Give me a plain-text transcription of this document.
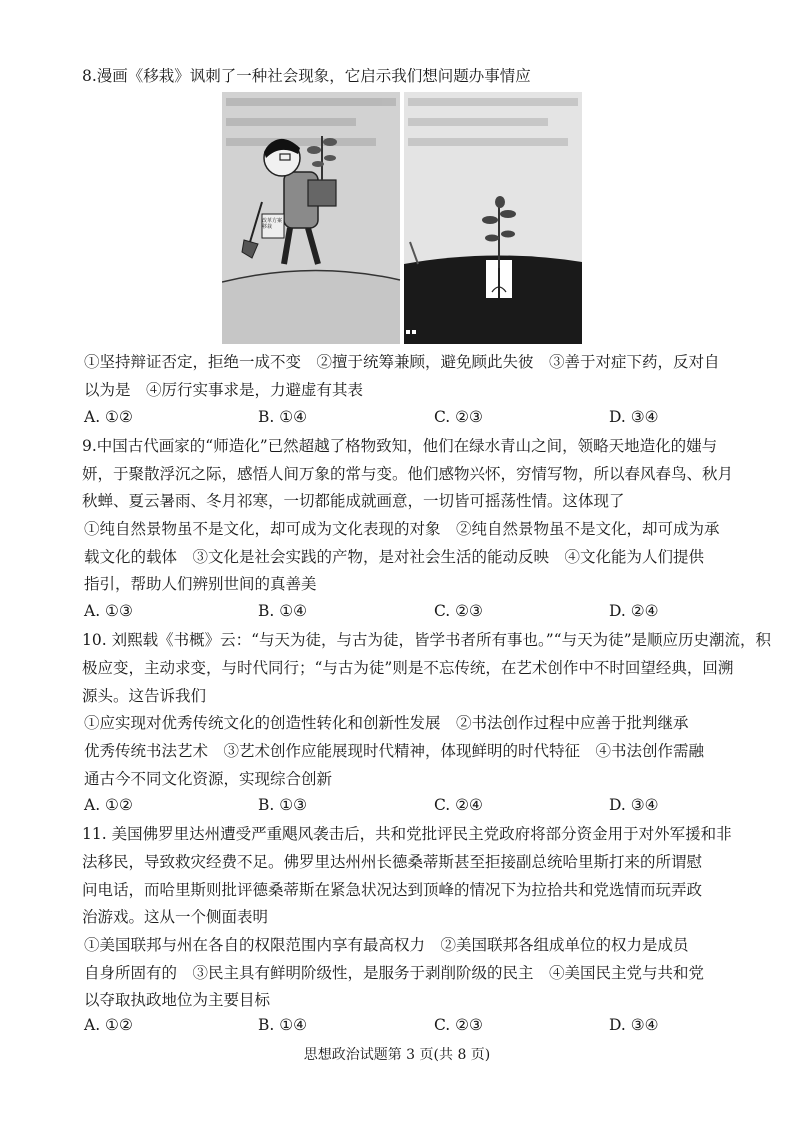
8.漫画《移栽》讽刺了一种社会现象，它启示我们想问题办事情应
改革方案 移栽
①坚持辩证否定，拒绝一成不变　②擅于统筹兼顾，避免顾此失彼　③善于对症下药，反对自
以为是　④厉行实事求是，力避虚有其表
A. ①②	B. ①④	C. ②③	D. ③④
9.中国古代画家的“师造化”已然超越了格物致知，他们在绿水青山之间，领略天地造化的媸与
妍，于聚散浮沉之际，感悟人间万象的常与变。他们感物兴怀，穷情写物，所以春风春鸟、秋月
秋蝉、夏云暑雨、冬月祁寒，一切都能成就画意，一切皆可摇荡性情。这体现了
①纯自然景物虽不是文化，却可成为文化表现的对象　②纯自然景物虽不是文化，却可成为承
载文化的载体　③文化是社会实践的产物，是对社会生活的能动反映　④文化能为人们提供
指引，帮助人们辨别世间的真善美
A. ①③	B. ①④	C. ②③	D. ②④
10. 刘熙载《书概》云：“与天为徒，与古为徒，皆学书者所有事也。”“与天为徒”是顺应历史潮流，积
极应变，主动求变，与时代同行；“与古为徒”则是不忘传统，在艺术创作中不时回望经典，回溯
源头。这告诉我们
①应实现对优秀传统文化的创造性转化和创新性发展　②书法创作过程中应善于批判继承
优秀传统书法艺术　③艺术创作应能展现时代精神，体现鲜明的时代特征　④书法创作需融
通古今不同文化资源，实现综合创新
A. ①②	B. ①③	C. ②④	D. ③④
11. 美国佛罗里达州遭受严重飓风袭击后，共和党批评民主党政府将部分资金用于对外军援和非
法移民，导致救灾经费不足。佛罗里达州州长德桑蒂斯甚至拒接副总统哈里斯打来的所谓慰
问电话，而哈里斯则批评德桑蒂斯在紧急状况达到顶峰的情况下为拉拾共和党选情而玩弄政
治游戏。这从一个侧面表明
①美国联邦与州在各自的权限范围内享有最高权力　②美国联邦各组成单位的权力是成员
自身所固有的　③民主具有鲜明阶级性，是服务于剥削阶级的民主　④美国民主党与共和党
以夺取执政地位为主要目标
A. ①②	B. ①④	C. ②③	D. ③④
思想政治试题第 3 页(共 8 页)
